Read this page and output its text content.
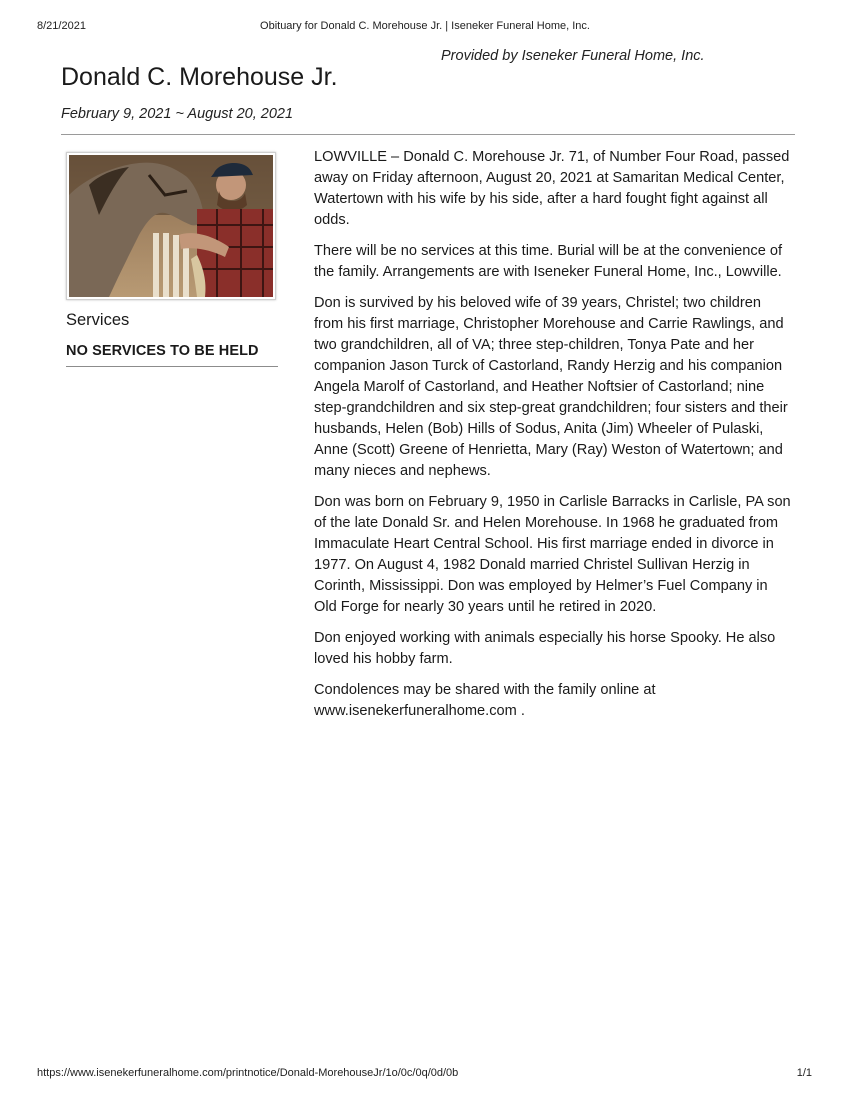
8/21/2021	Obituary for Donald C. Morehouse Jr. | Iseneker Funeral Home, Inc.
Provided by Iseneker Funeral Home, Inc.
Donald C. Morehouse Jr.
February 9, 2021 ~ August 20, 2021
Services
NO SERVICES TO BE HELD

LOWVILLE – Donald C. Morehouse Jr. 71, of Number Four Road, passed away on Friday afternoon, August 20, 2021 at Samaritan Medical Center, Watertown with his wife by his side, after a hard fought fight against all odds.

There will be no services at this time. Burial will be at the convenience of the family. Arrangements are with Iseneker Funeral Home, Inc., Lowville.

Don is survived by his beloved wife of 39 years, Christel; two children from his first marriage, Christopher Morehouse and Carrie Rawlings, and two grandchildren, all of VA; three step-children, Tonya Pate and her companion Jason Turck of Castorland, Randy Herzig and his companion Angela Marolf of Castorland, and Heather Noftsier of Castorland; nine step-grandchildren and six step-great grandchildren; four sisters and their husbands, Helen (Bob) Hills of Sodus, Anita (Jim) Wheeler of Pulaski, Anne (Scott) Greene of Henrietta, Mary (Ray) Weston of Watertown; and many nieces and nephews.

Don was born on February 9, 1950 in Carlisle Barracks in Carlisle, PA son of the late Donald Sr. and Helen Morehouse. In 1968 he graduated from Immaculate Heart Central School. His first marriage ended in divorce in 1977. On August 4, 1982 Donald married Christel Sullivan Herzig in Corinth, Mississippi. Don was employed by Helmer’s Fuel Company in Old Forge for nearly 30 years until he retired in 2020.

Don enjoyed working with animals especially his horse Spooky. He also loved his hobby farm.

Condolences may be shared with the family online at www.isenekerfuneralhome.com .

https://www.isenekerfuneralhome.com/printnotice/Donald-MorehouseJr/1o/0c/0q/0d/0b	1/1
